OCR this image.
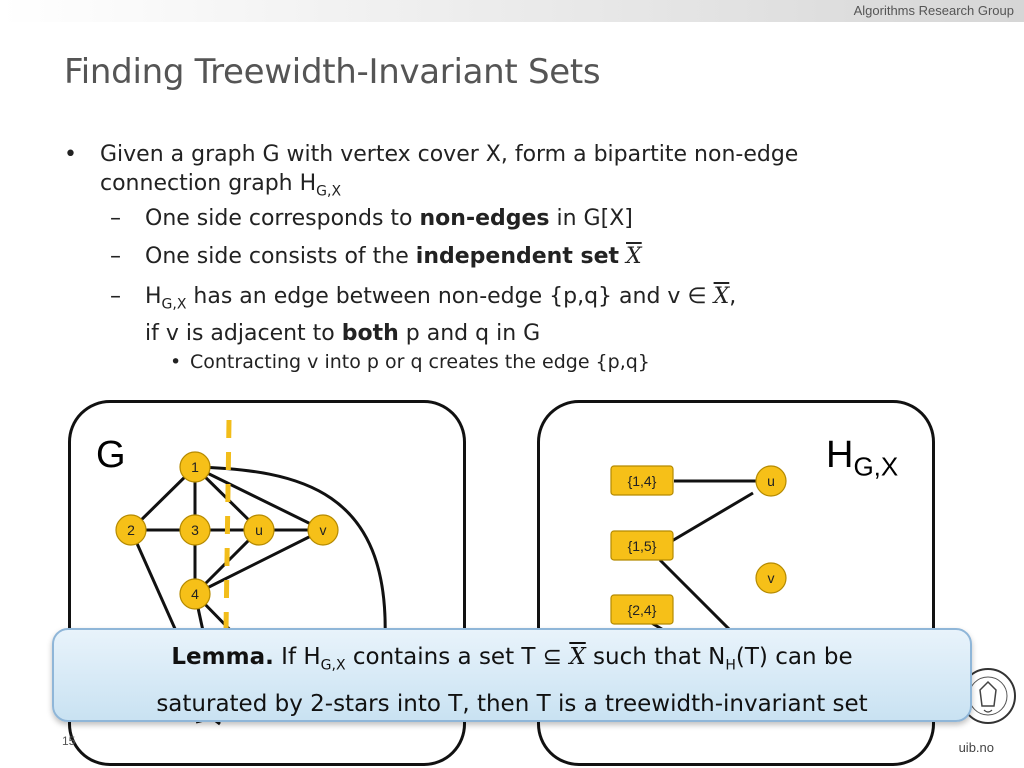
Algorithms Research Group
Finding Treewidth-Invariant Sets
• Given a graph G with vertex cover X, form a bipartite non-edge connection graph $H_{G,X}$
– One side corresponds to non-edges in G[X]
– One side consists of the independent set $\overline{X}$
– $H_{G,X}$ has an edge between non-edge {p,q} and v ∈ $\overline{X}$,
if v is adjacent to both p and q in G
• Contracting v into p or q creates the edge {p,q}
G	1
2	3	u	v
4
$H_{G,X}$
{1,4}
{1,5}
{2,4}
u
v
Lemma. If $H_{G,X}$ contains a set T ⊆ $\overline{X}$ such that $N_H(T)$ can be
saturated by 2-stars into T, then T is a treewidth-invariant set
15	uib.no
